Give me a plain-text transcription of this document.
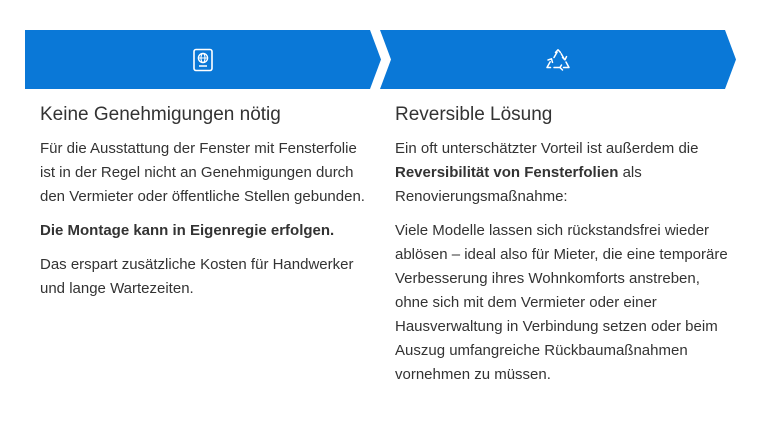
Keine Genehmigungen nötig
Für die Ausstattung der Fenster mit Fensterfolie ist in der Regel nicht an Genehmigungen durch den Vermieter oder öffentliche Stellen gebunden.
Die Montage kann in Eigenregie erfolgen.
Das erspart zusätzliche Kosten für Handwerker und lange Wartezeiten.
Reversible Lösung
Ein oft unterschätzter Vorteil ist außerdem die Reversibilität von Fensterfolien als Renovierungsmaßnahme:
Viele Modelle lassen sich rückstandsfrei wieder ablösen – ideal also für Mieter, die eine temporäre Verbesserung ihres Wohnkomforts anstreben, ohne sich mit dem Vermieter oder einer Hausverwaltung in Verbindung setzen oder beim Auszug umfangreiche Rückbaumaßnahmen vornehmen zu müssen.
